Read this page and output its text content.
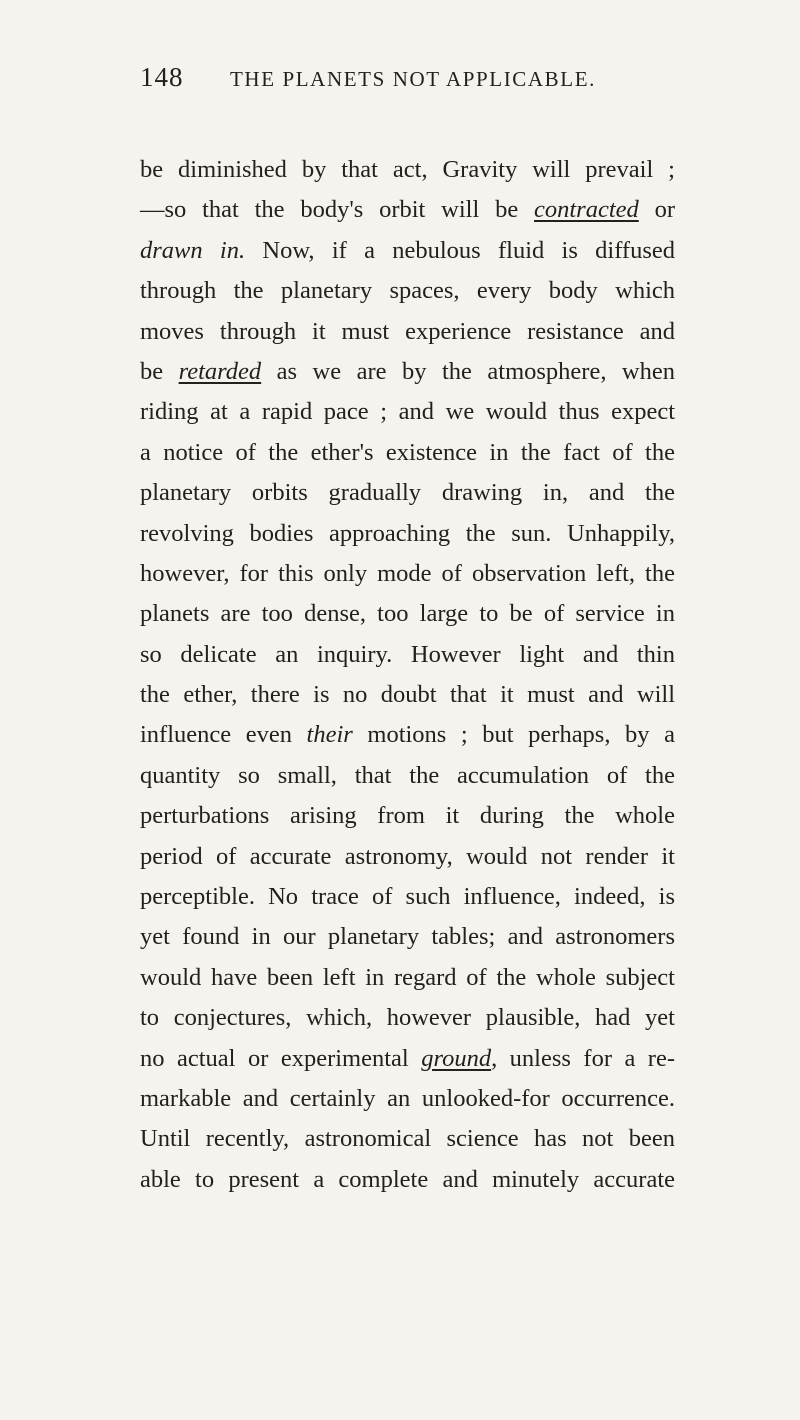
148 THE PLANETS NOT APPLICABLE.
be diminished by that act, Gravity will prevail ;
—so that the body's orbit will be contracted or
drawn in. Now, if a nebulous fluid is diffused
through the planetary spaces, every body which
moves through it must experience resistance and
be retarded as we are by the atmosphere, when
riding at a rapid pace ; and we would thus expect
a notice of the ether's existence in the fact of the
planetary orbits gradually drawing in, and the
revolving bodies approaching the sun. Unhappily,
however, for this only mode of observation left, the
planets are too dense, too large to be of service in
so delicate an inquiry. However light and thin
the ether, there is no doubt that it must and will
influence even their motions ; but perhaps, by a
quantity so small, that the accumulation of the
perturbations arising from it during the whole
period of accurate astronomy, would not render it
perceptible. No trace of such influence, indeed, is
yet found in our planetary tables; and astronomers
would have been left in regard of the whole subject
to conjectures, which, however plausible, had yet
no actual or experimental ground, unless for a re-
markable and certainly an unlooked-for occurrence.
Until recently, astronomical science has not been
able to present a complete and minutely accurate
